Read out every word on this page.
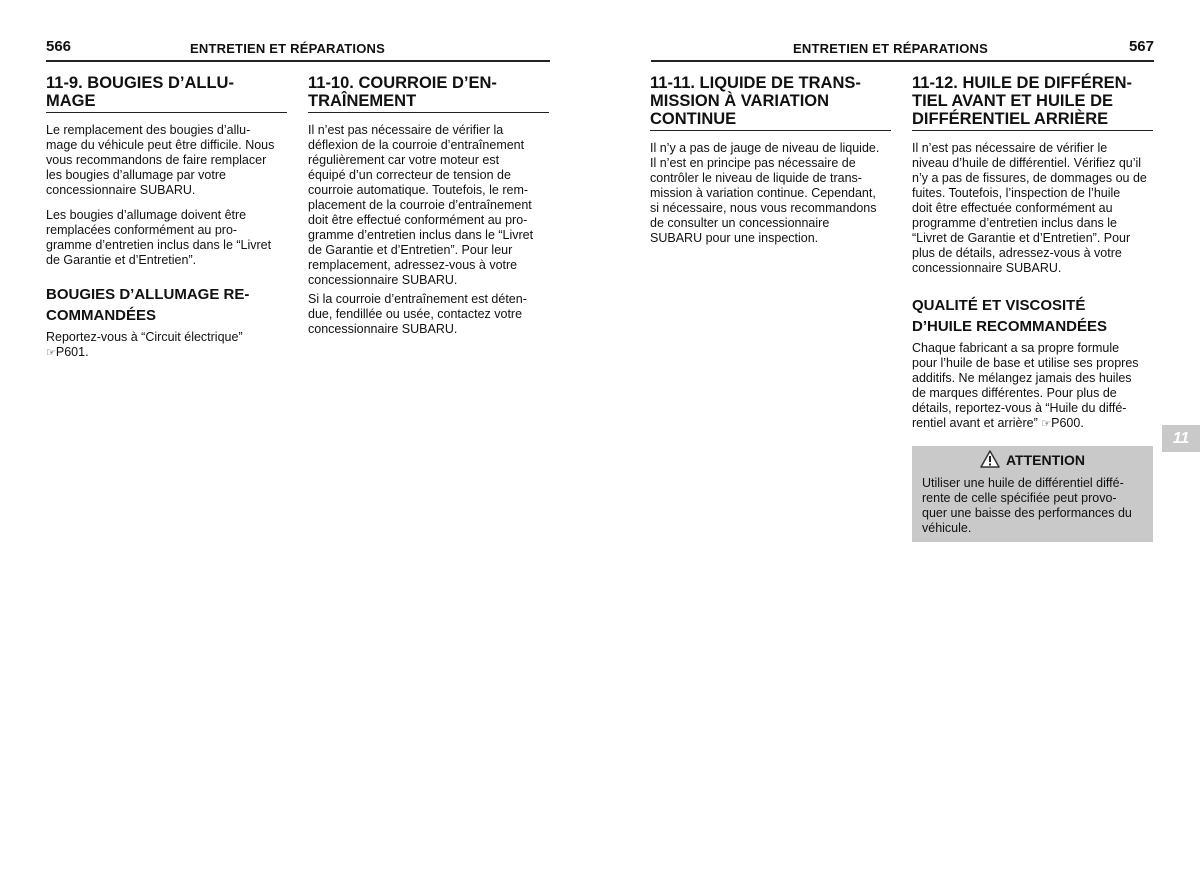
566	ENTRETIEN ET RÉPARATIONS	ENTRETIEN ET RÉPARATIONS	567
11-9. BOUGIES D’ALLU-
MAGE

Le remplacement des bougies d’allu-
mage du véhicule peut être difficile. Nous
vous recommandons de faire remplacer
les bougies d’allumage par votre
concessionnaire SUBARU.

Les bougies d’allumage doivent être
remplacées conformément au pro-
gramme d’entretien inclus dans le “Livret
de Garantie et d’Entretien”.

BOUGIES D’ALLUMAGE RE-
COMMANDÉES

Reportez-vous à “Circuit électrique”
☞P601.

11-10. COURROIE D’EN-
TRAÎNEMENT

Il n’est pas nécessaire de vérifier la
déflexion de la courroie d’entraînement
régulièrement car votre moteur est
équipé d’un correcteur de tension de
courroie automatique. Toutefois, le rem-
placement de la courroie d’entraînement
doit être effectué conformément au pro-
gramme d’entretien inclus dans le “Livret
de Garantie et d’Entretien”. Pour leur
remplacement, adressez-vous à votre
concessionnaire SUBARU.

Si la courroie d’entraînement est déten-
due, fendillée ou usée, contactez votre
concessionnaire SUBARU.

11-11. LIQUIDE DE TRANS-
MISSION À VARIATION
CONTINUE

Il n’y a pas de jauge de niveau de liquide.
Il n’est en principe pas nécessaire de
contrôler le niveau de liquide de trans-
mission à variation continue. Cependant,
si nécessaire, nous vous recommandons
de consulter un concessionnaire
SUBARU pour une inspection.

11-12. HUILE DE DIFFÉREN-
TIEL AVANT ET HUILE DE
DIFFÉRENTIEL ARRIÈRE

Il n’est pas nécessaire de vérifier le
niveau d’huile de différentiel. Vérifiez qu’il
n’y a pas de fissures, de dommages ou de
fuites. Toutefois, l’inspection de l’huile
doit être effectuée conformément au
programme d’entretien inclus dans le
“Livret de Garantie et d’Entretien”. Pour
plus de détails, adressez-vous à votre
concessionnaire SUBARU.

QUALITÉ ET VISCOSITÉ
D’HUILE RECOMMANDÉES

Chaque fabricant a sa propre formule
pour l’huile de base et utilise ses propres
additifs. Ne mélangez jamais des huiles
de marques différentes. Pour plus de
détails, reportez-vous à “Huile du diffé-
rentiel avant et arrière” ☞P600.

ATTENTION
Utiliser une huile de différentiel diffé-
rente de celle spécifiée peut provo-
quer une baisse des performances du
véhicule.
11
